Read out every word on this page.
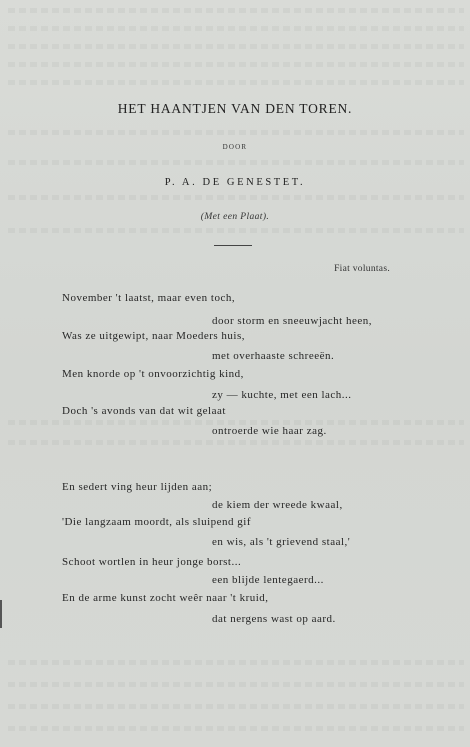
HET HAANTJEN VAN DEN TOREN.
DOOR
P. A. DE GENESTET.
(Met een Plaat).
Fiat voluntas.
November 't laatst, maar even toch,
door storm en sneeuwjacht heen,
Was ze uitgewipt, naar Moeders huis,
met overhaaste schreeën.
Men knorde op 't onvoorzichtig kind,
zy — kuchte, met een lach...
Doch 's avonds van dat wit gelaat
ontroerde wie haar zag.
En sedert ving heur lijden aan;
de kiem der wreede kwaal,
'Die langzaam moordt, als sluipend gif
en wis, als 't grievend staal,'
Schoot wortlen in heur jonge borst...
een blijde lentegaerd...
En de arme kunst zocht weêr naar 't kruid,
dat nergens wast op aard.
